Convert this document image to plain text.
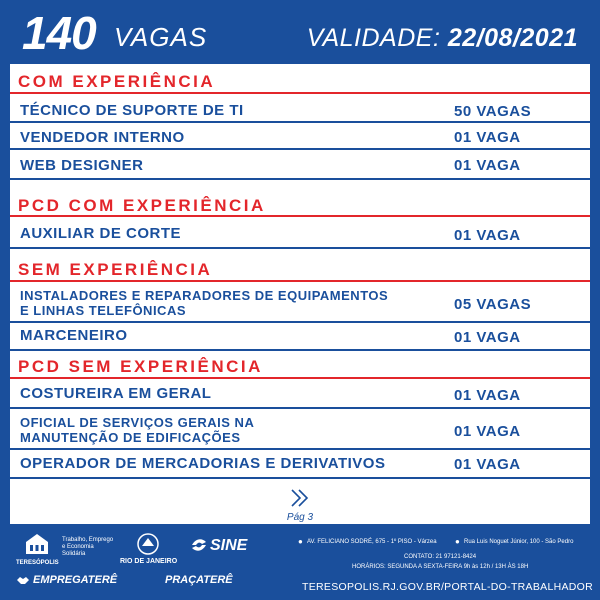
140 VAGAS	VALIDADE: 22/08/2021
COM EXPERIÊNCIA
TÉCNICO DE SUPORTE DE TI	50 VAGAS
VENDEDOR INTERNO	01 VAGA
WEB DESIGNER	01 VAGA
PCD COM EXPERIÊNCIA
AUXILIAR DE CORTE	01 VAGA
SEM EXPERIÊNCIA
INSTALADORES E REPARADORES DE EQUIPAMENTOS
E LINHAS TELEFÔNICAS	05 VAGAS
MARCENEIRO	01 VAGA
PCD SEM EXPERIÊNCIA
COSTUREIRA EM GERAL	01 VAGA
OFICIAL DE SERVIÇOS GERAIS NA
MANUTENÇÃO DE EDIFICAÇÕES	01 VAGA
OPERADOR DE MERCADORIAS E DERIVATIVOS	01 VAGA
Pág 3
TERESÓPOLIS
Trabalho, Emprego
e Economia
Solidária
RIO DE JANEIRO
SINE	● AV. FELICIANO SODRÉ, 675 - 1º PISO - Várzea ● Rua Luis Noguet Júnior, 100 - São Pedro
CONTATO: 21 97121-8424
HORÁRIOS: SEGUNDA A SEXTA-FEIRA 9h às 12h / 13H ÀS 18H
EMPREGATERÊ	PRAÇATERÊ
TERESOPOLIS.RJ.GOV.BR/PORTAL-DO-TRABALHADOR
